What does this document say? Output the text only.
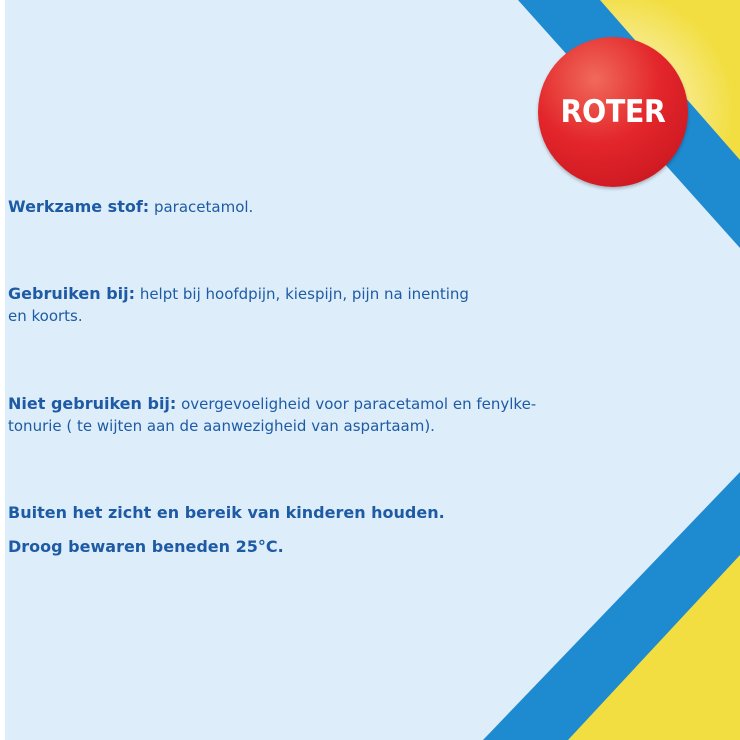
ROTER

Werkzame stof: paracetamol.

Gebruiken bij: helpt bij hoofdpijn, kiespijn, pijn na inenting
en koorts.

Niet gebruiken bij: overgevoeligheid voor paracetamol en fenylke-
tonurie ( te wijten aan de aanwezigheid van aspartaam).

Buiten het zicht en bereik van kinderen houden.

Droog bewaren beneden 25°C.
